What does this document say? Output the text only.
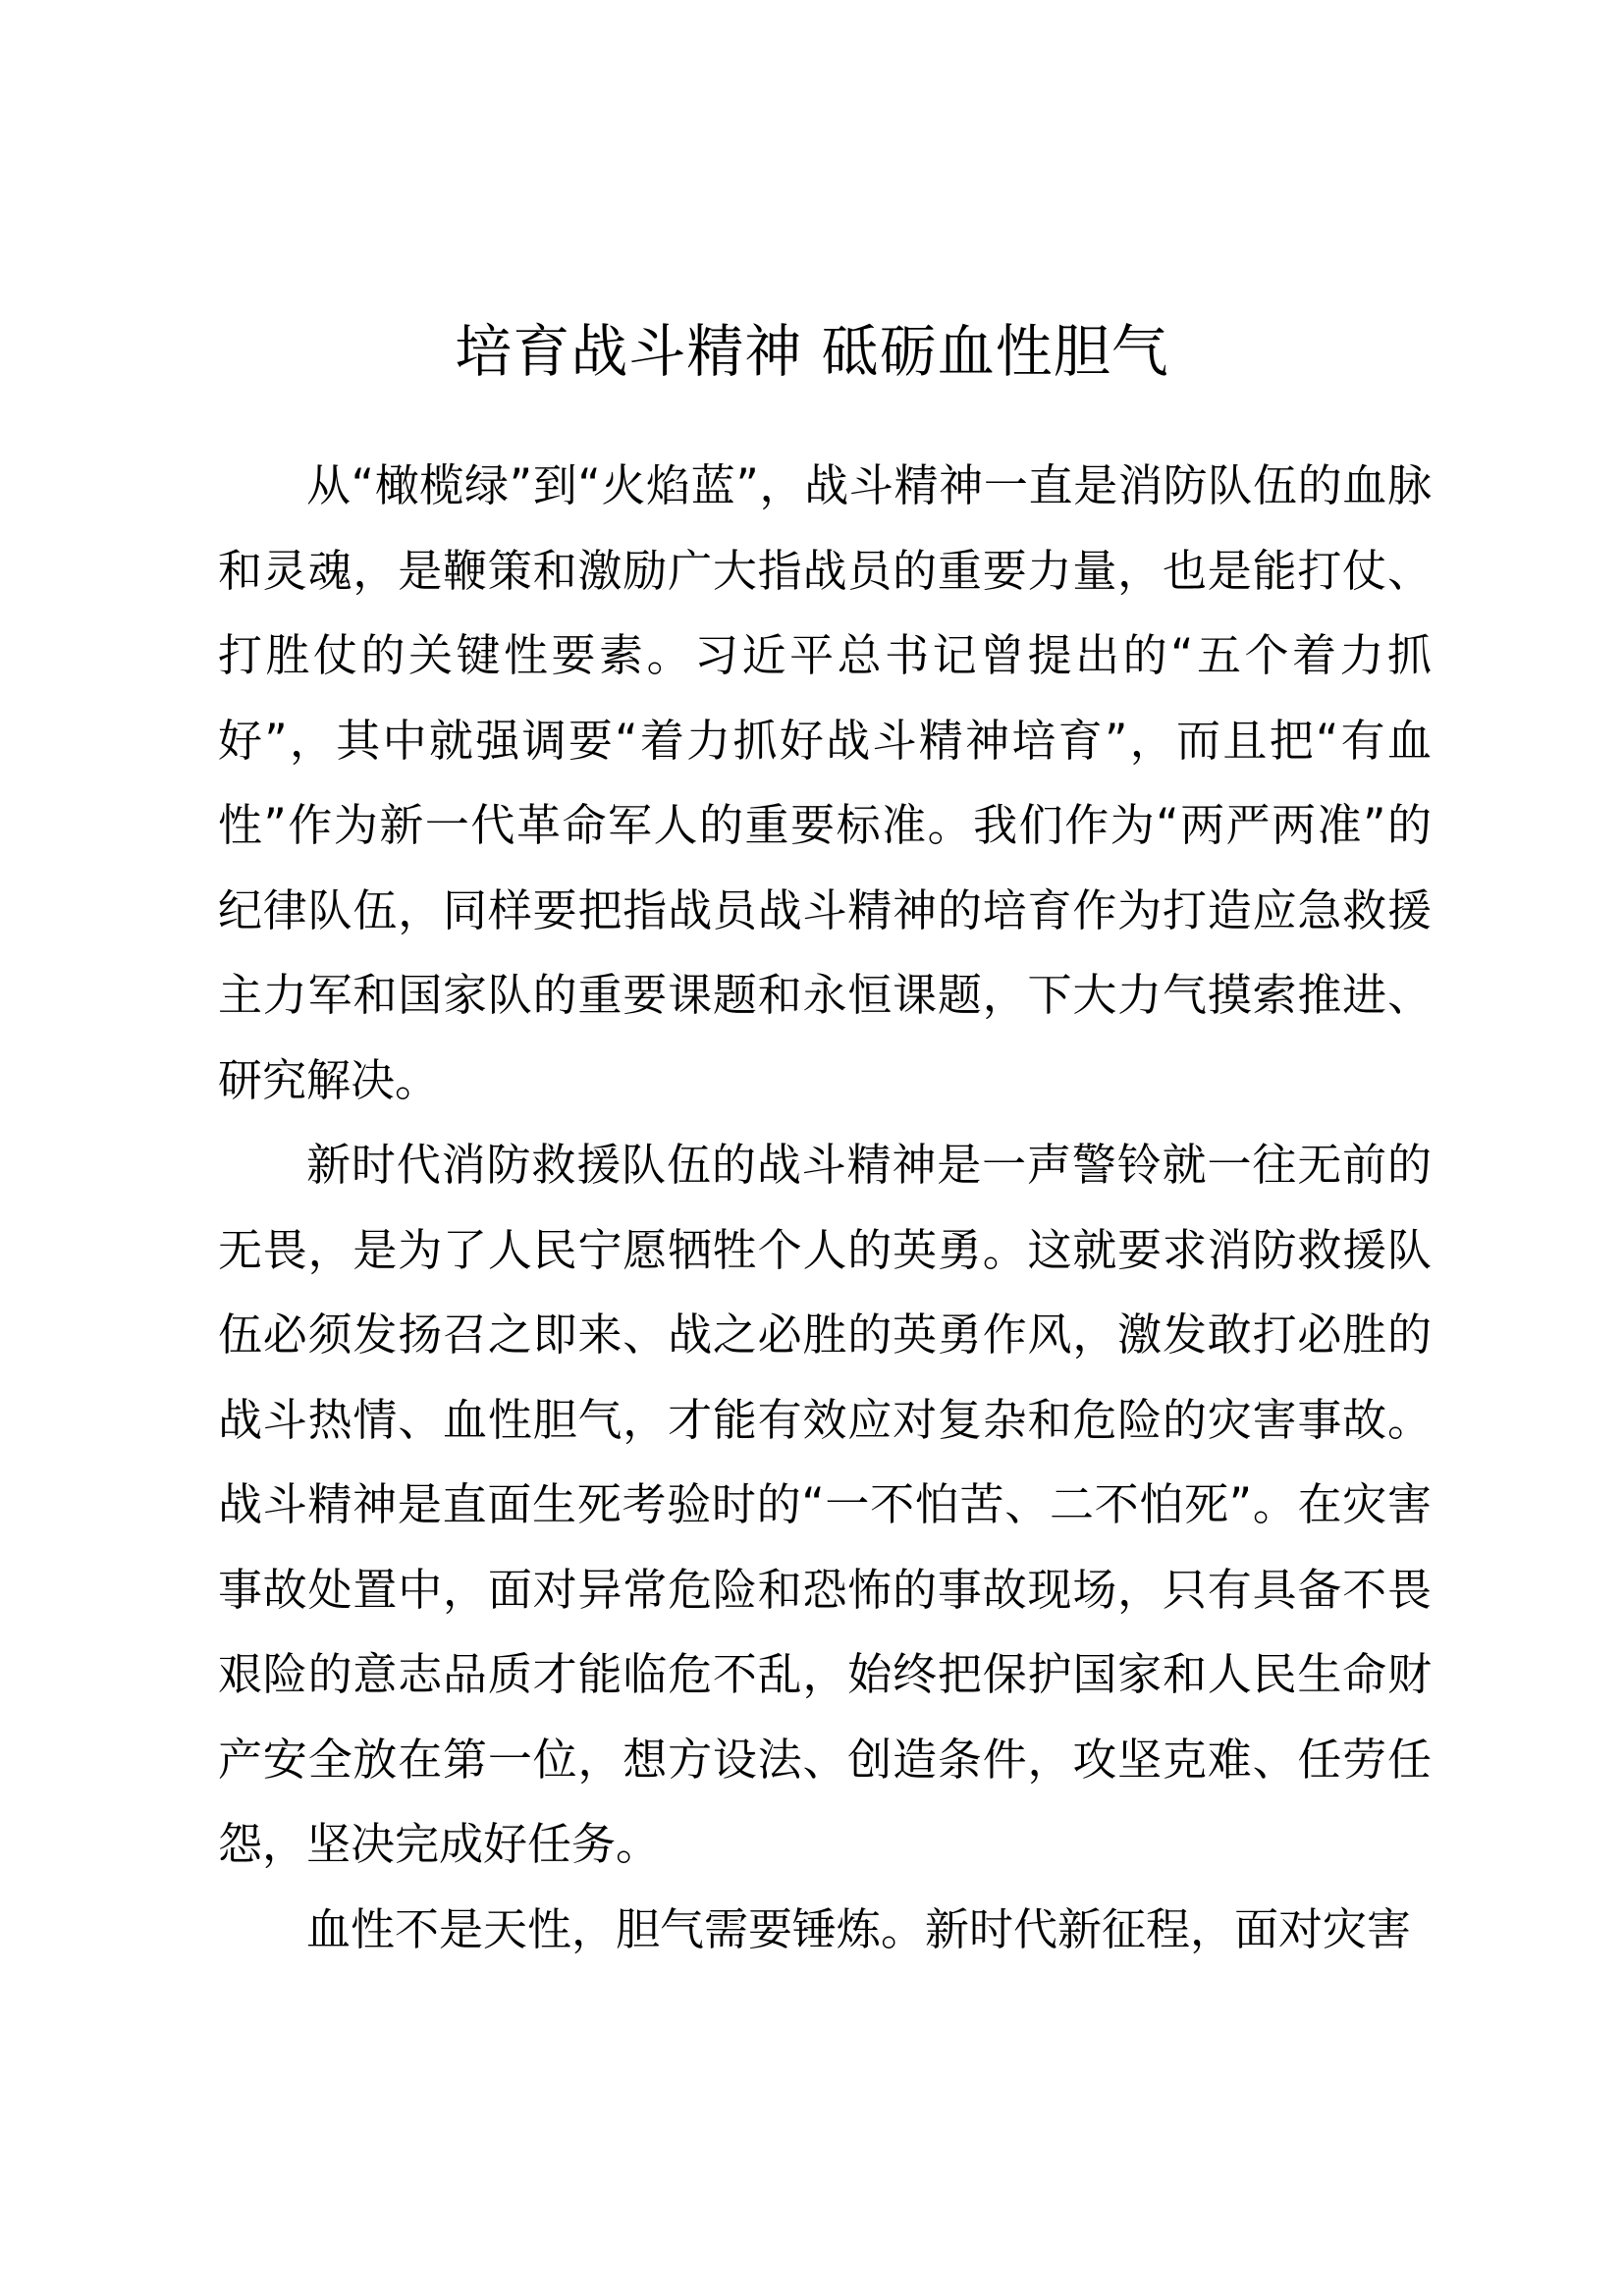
培育战斗精神 砥砺血性胆气

从“橄榄绿”到“火焰蓝”，战斗精神一直是消防队伍的血脉和灵魂，是鞭策和激励广大指战员的重要力量，也是能打仗、打胜仗的关键性要素。习近平总书记曾提出的“五个着力抓好”，其中就强调要“着力抓好战斗精神培育”，而且把“有血性”作为新一代革命军人的重要标准。我们作为“两严两准”的纪律队伍，同样要把指战员战斗精神的培育作为打造应急救援主力军和国家队的重要课题和永恒课题，下大力气摸索推进、研究解决。

新时代消防救援队伍的战斗精神是一声警铃就一往无前的无畏，是为了人民宁愿牺牲个人的英勇。这就要求消防救援队伍必须发扬召之即来、战之必胜的英勇作风，激发敢打必胜的战斗热情、血性胆气，才能有效应对复杂和危险的灾害事故。战斗精神是直面生死考验时的“一不怕苦、二不怕死”。在灾害事故处置中，面对异常危险和恐怖的事故现场，只有具备不畏艰险的意志品质才能临危不乱，始终把保护国家和人民生命财产安全放在第一位，想方设法、创造条件，攻坚克难、任劳任怨，坚决完成好任务。

血性不是天性，胆气需要锤炼。新时代新征程，面对灾害
